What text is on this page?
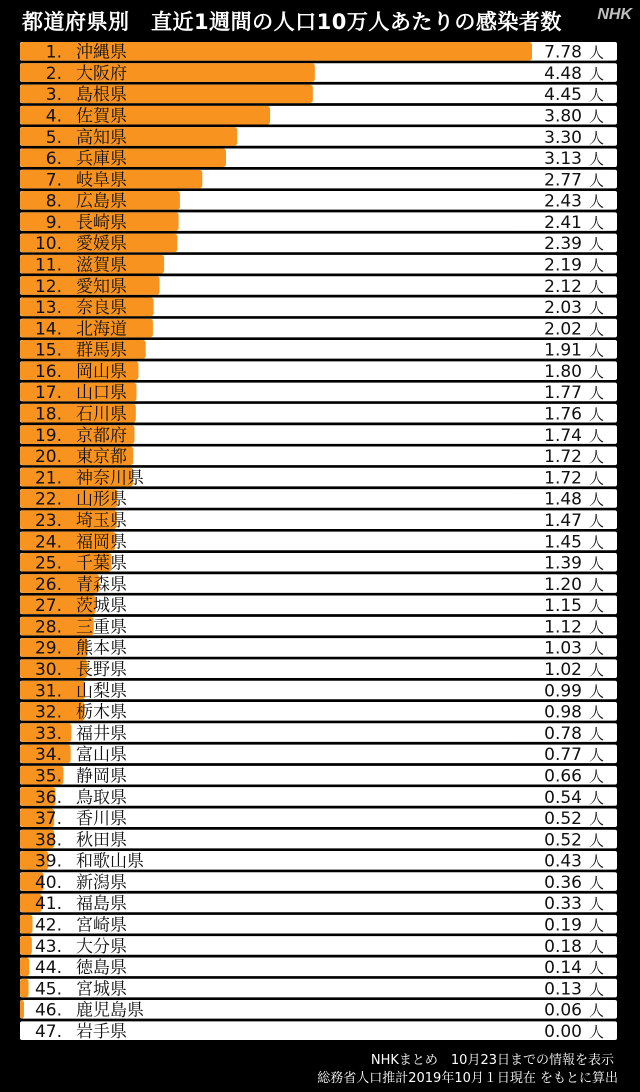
都道府県別　直近1週間の人口10万人あたりの感染者数 NHK
1. 沖縄県	7.78 人
2. 大阪府	4.48 人
3. 島根県	4.45 人
4. 佐賀県	3.80 人
5. 高知県	3.30 人
6. 兵庫県	3.13 人
7. 岐阜県	2.77 人
8. 広島県	2.43 人
9. 長崎県	2.41 人
10. 愛媛県	2.39 人
11. 滋賀県	2.19 人
12. 愛知県	2.12 人
13. 奈良県	2.03 人
14. 北海道	2.02 人
15. 群馬県	1.91 人
16. 岡山県	1.80 人
17. 山口県	1.77 人
18. 石川県	1.76 人
19. 京都府	1.74 人
20. 東京都	1.72 人
21. 神奈川県	1.72 人
22. 山形県	1.48 人
23. 埼玉県	1.47 人
24. 福岡県	1.45 人
25. 千葉県	1.39 人
26. 青森県	1.20 人
27. 茨城県	1.15 人
28. 三重県	1.12 人
29. 熊本県	1.03 人
30. 長野県	1.02 人
31. 山梨県	0.99 人
32. 栃木県	0.98 人
33. 福井県	0.78 人
34. 富山県	0.77 人
35. 静岡県	0.66 人
36. 鳥取県	0.54 人
37. 香川県	0.52 人
38. 秋田県	0.52 人
39. 和歌山県	0.43 人
40. 新潟県	0.36 人
41. 福島県	0.33 人
42. 宮崎県	0.19 人
43. 大分県	0.18 人
44. 徳島県	0.14 人
45. 宮城県	0.13 人
46. 鹿児島県	0.06 人
47. 岩手県	0.00 人
NHKまとめ　10月23日までの情報を表示
総務省人口推計2019年10月１日現在 をもとに算出
